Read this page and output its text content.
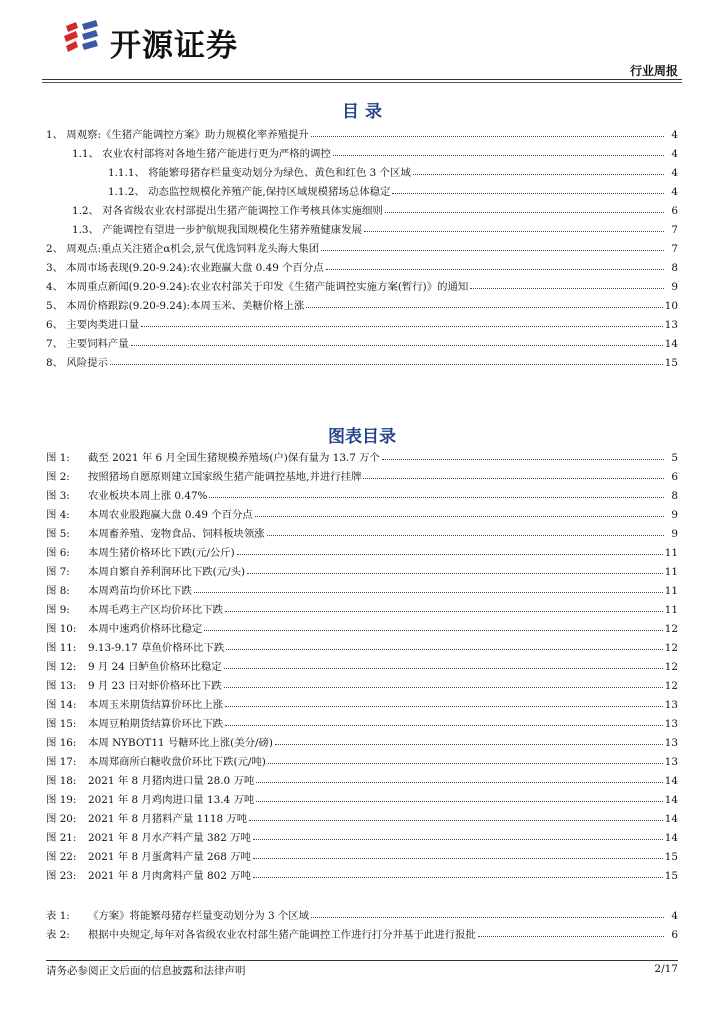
开源证券
行业周报
目 录
1、 周观察:《生猪产能调控方案》助力规模化率养殖提升	4
1.1、 农业农村部将对各地生猪产能进行更为严格的调控	4
1.1.1、 将能繁母猪存栏量变动划分为绿色、黄色和红色 3 个区域	4
1.1.2、 动态监控规模化养殖产能,保持区域规模猪场总体稳定	4
1.2、 对各省级农业农村部提出生猪产能调控工作考核具体实施细则	6
1.3、 产能调控有望进一步护航规我国规模化生猪养殖健康发展	7
2、 周观点:重点关注猪企α机会,景气优选饲料龙头海大集团	7
3、 本周市场表现(9.20-9.24):农业跑赢大盘 0.49 个百分点	8
4、 本周重点新闻(9.20-9.24):农业农村部关于印发《生猪产能调控实施方案(暂行)》的通知	9
5、 本周价格跟踪(9.20-9.24):本周玉米、美糖价格上涨	10
6、 主要肉类进口量	13
7、 主要饲料产量	14
8、 风险提示	15
图表目录
图 1: 截至 2021 年 6 月全国生猪规模养殖场(户)保有量为 13.7 万个	5
图 2: 按照猪场自愿原则建立国家级生猪产能调控基地,并进行挂牌	6
图 3: 农业板块本周上涨 0.47%	8
图 4: 本周农业股跑赢大盘 0.49 个百分点	9
图 5: 本周畜养殖、宠物食品、饲料板块领涨	9
图 6: 本周生猪价格环比下跌(元/公斤)	11
图 7: 本周自繁自养利润环比下跌(元/头)	11
图 8: 本周鸡苗均价环比下跌	11
图 9: 本周毛鸡主产区均价环比下跌	11
图 10: 本周中速鸡价格环比稳定	12
图 11: 9.13-9.17 草鱼价格环比下跌	12
图 12: 9 月 24 日鲈鱼价格环比稳定	12
图 13: 9 月 23 日对虾价格环比下跌	12
图 14: 本周玉米期货结算价环比上涨	13
图 15: 本周豆粕期货结算价环比下跌	13
图 16: 本周 NYBOT11 号糖环比上涨(美分/磅)	13
图 17: 本周郑商所白糖收盘价环比下跌(元/吨)	13
图 18: 2021 年 8 月猪肉进口量 28.0 万吨	14
图 19: 2021 年 8 月鸡肉进口量 13.4 万吨	14
图 20: 2021 年 8 月猪料产量 1118 万吨	14
图 21: 2021 年 8 月水产料产量 382 万吨	14
图 22: 2021 年 8 月蛋禽料产量 268 万吨	15
图 23: 2021 年 8 月肉禽料产量 802 万吨	15
表 1: 《方案》将能繁母猪存栏量变动划分为 3 个区域	4
表 2: 根据中央规定,每年对各省级农业农村部生猪产能调控工作进行打分并基于此进行报批	6
请务必参阅正文后面的信息披露和法律声明	2/17
